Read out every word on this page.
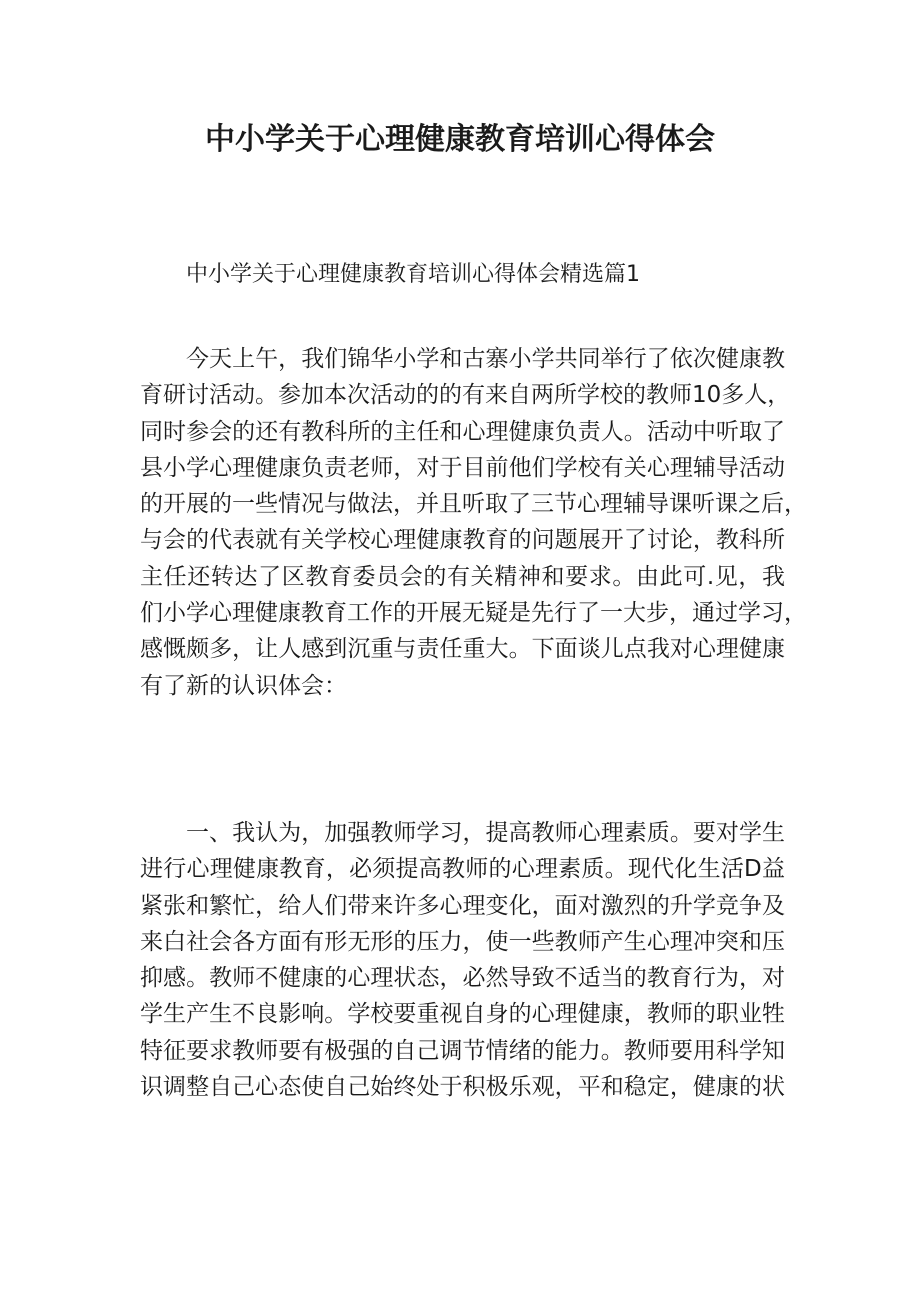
中小学关于心理健康教育培训心得体会

中小学关于心理健康教育培训心得体会精选篇1

今天上午，我们锦华小学和古寨小学共同举行了依次健康教
育研讨活动。参加本次活动的的有来自两所学校的教师10多人，
同时参会的还有教科所的主任和心理健康负责人。活动中听取了
县小学心理健康负责老师，对于目前他们学校有关心理辅导活动
的开展的一些情况与做法，并且听取了三节心理辅导课听课之后，
与会的代表就有关学校心理健康教育的问题展开了讨论，教科所
主任还转达了区教育委员会的有关精神和要求。由此可.见，我
们小学心理健康教育工作的开展无疑是先行了一大步，通过学习，
感慨颇多，让人感到沉重与责任重大。下面谈儿点我对心理健康
有了新的认识体会：
一、我认为，加强教师学习，提高教师心理素质。要对学生
进行心理健康教育，必须提高教师的心理素质。现代化生活D益
紧张和繁忙，给人们带来许多心理变化，面对激烈的升学竞争及
来白社会各方面有形无形的压力，使一些教师产生心理冲突和压
抑感。教师不健康的心理状态，必然导致不适当的教育行为，对
学生产生不良影响。学校要重视自身的心理健康，教师的职业牲
特征要求教师要有极强的自己调节情绪的能力。教师要用科学知
识调整自己心态使自己始终处于积极乐观，平和稳定，健康的状
